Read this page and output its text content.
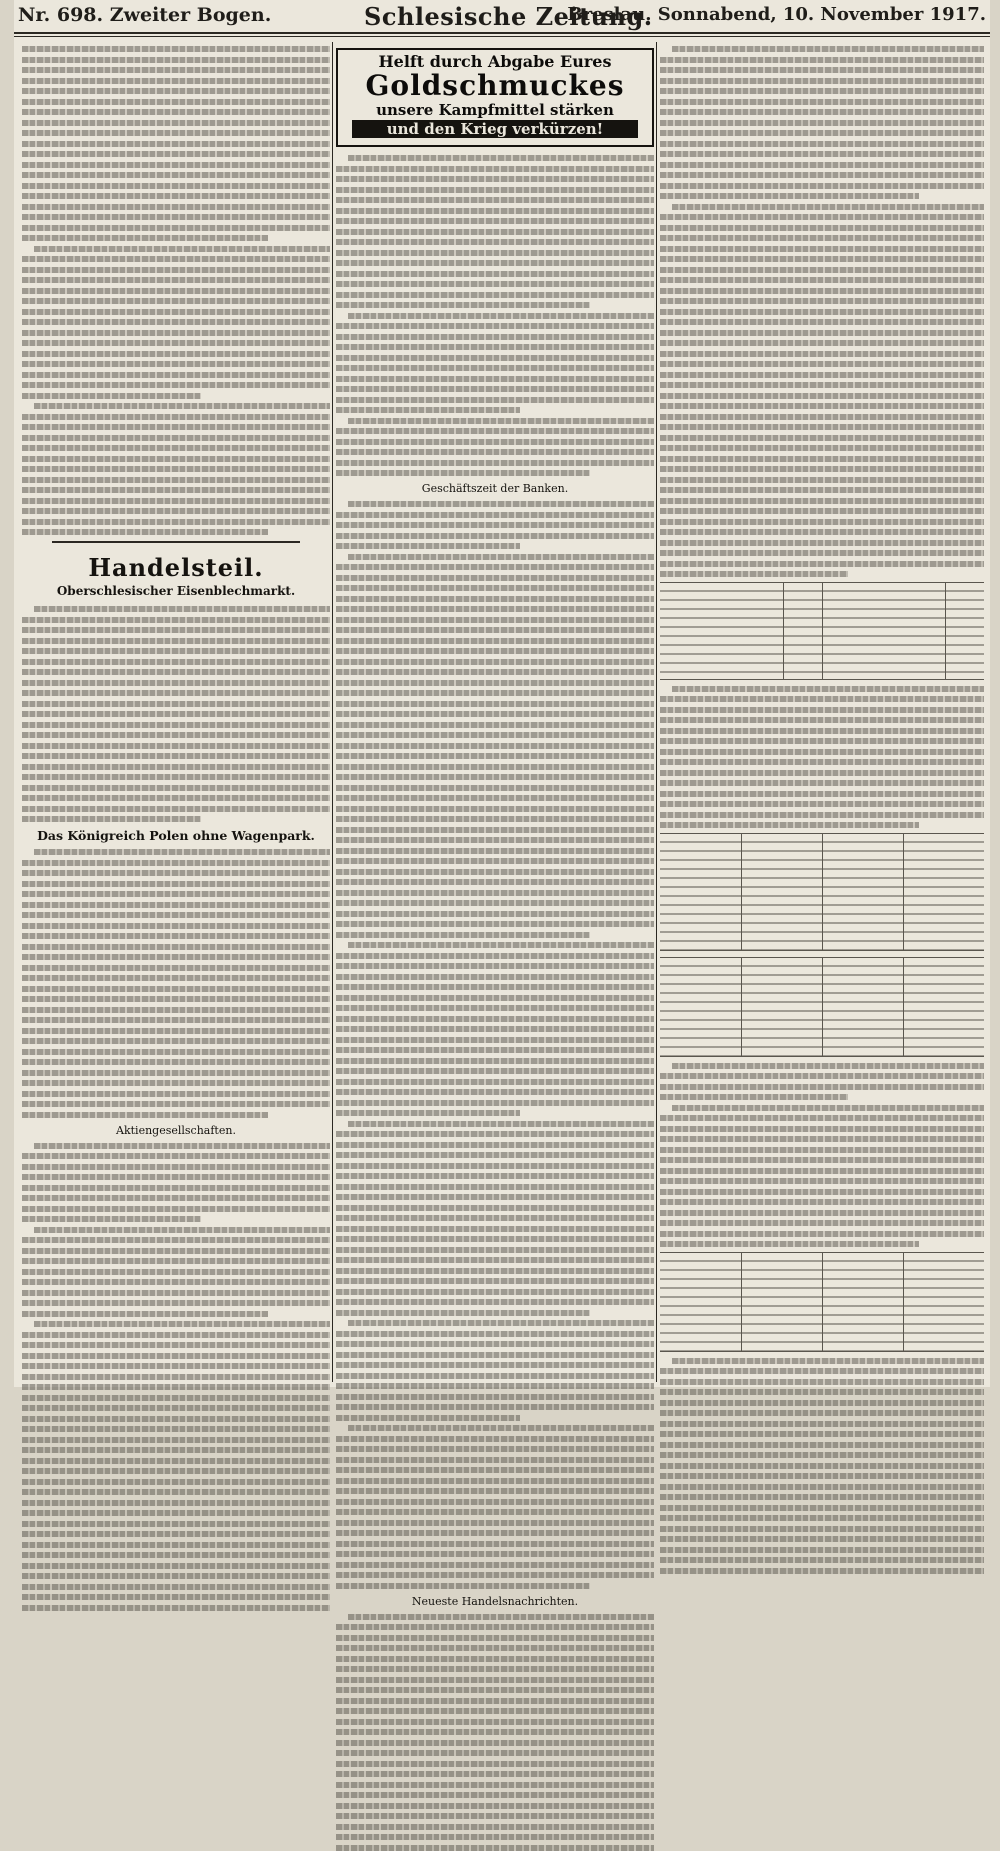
Nr. 698. Zweiter Bogen.	Schlesische Zeitung.
Breslau. Sonnabend, 10. November 1917.
Handelsteil.
Oberschlesischer Eisenblechmarkt.
Das Königreich Polen ohne Wagenpark.
Aktiengesellschaften.
Helft durch Abgabe Eures
Goldschmuckes
unsere Kampfmittel stärken
und den Krieg verkürzen!
Geschäftszeit der Banken.
Neueste Handelsnachrichten.
